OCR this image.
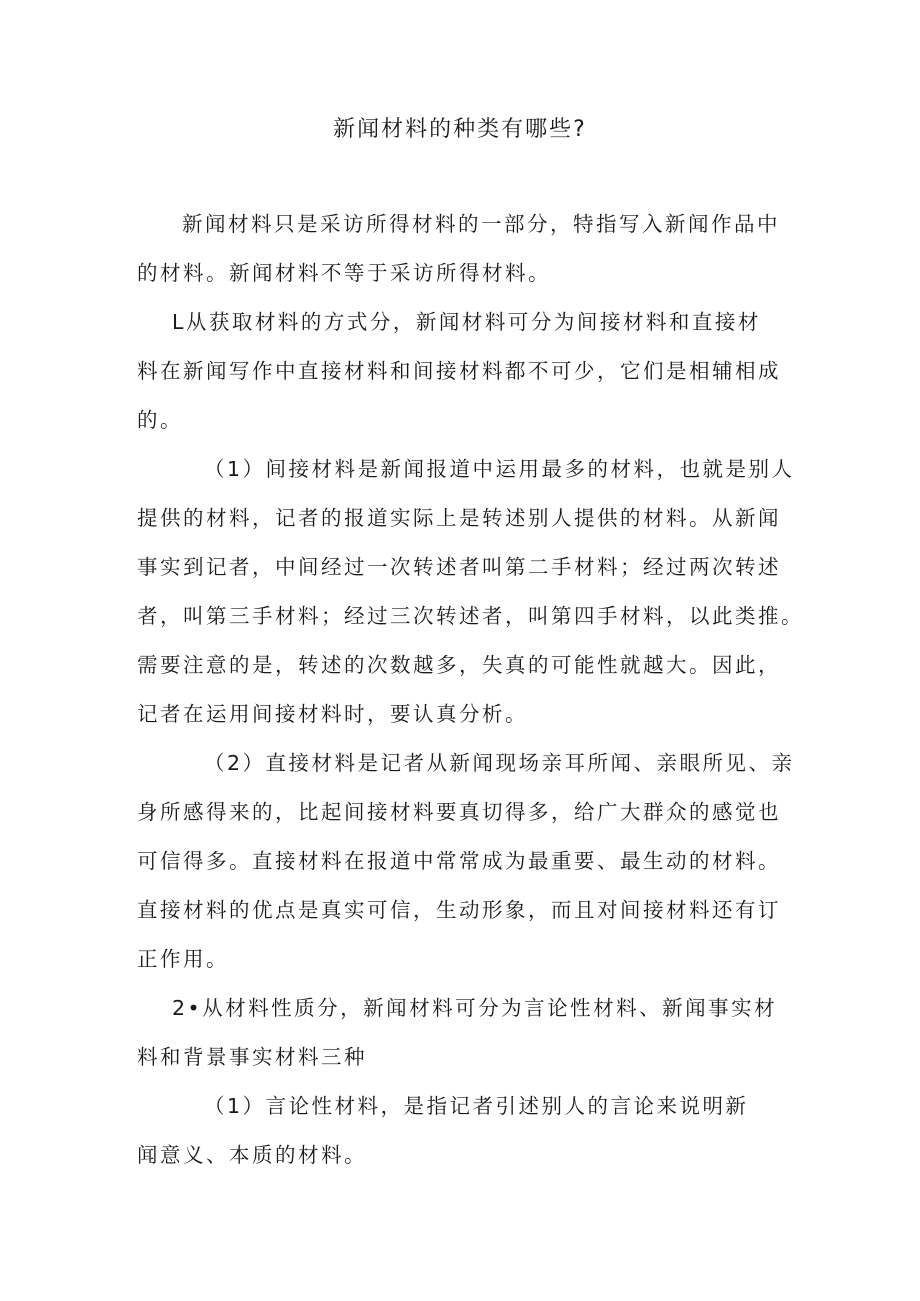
新闻材料的种类有哪些?
新闻材料只是采访所得材料的一部分，特指写入新闻作品中
的材料。新闻材料不等于采访所得材料。
L从获取材料的方式分，新闻材料可分为间接材料和直接材
料在新闻写作中直接材料和间接材料都不可少，它们是相辅相成
的。
（1）间接材料是新闻报道中运用最多的材料，也就是别人
提供的材料，记者的报道实际上是转述别人提供的材料。从新闻
事实到记者，中间经过一次转述者叫第二手材料；经过两次转述
者，叫第三手材料；经过三次转述者，叫第四手材料，以此类推。
需要注意的是，转述的次数越多，失真的可能性就越大。因此，
记者在运用间接材料时，要认真分析。
（2）直接材料是记者从新闻现场亲耳所闻、亲眼所见、亲
身所感得来的，比起间接材料要真切得多，给广大群众的感觉也
可信得多。直接材料在报道中常常成为最重要、最生动的材料。
直接材料的优点是真实可信，生动形象，而且对间接材料还有订
正作用。
2•从材料性质分，新闻材料可分为言论性材料、新闻事实材
料和背景事实材料三种
（1）言论性材料，是指记者引述别人的言论来说明新
闻意义、本质的材料。
